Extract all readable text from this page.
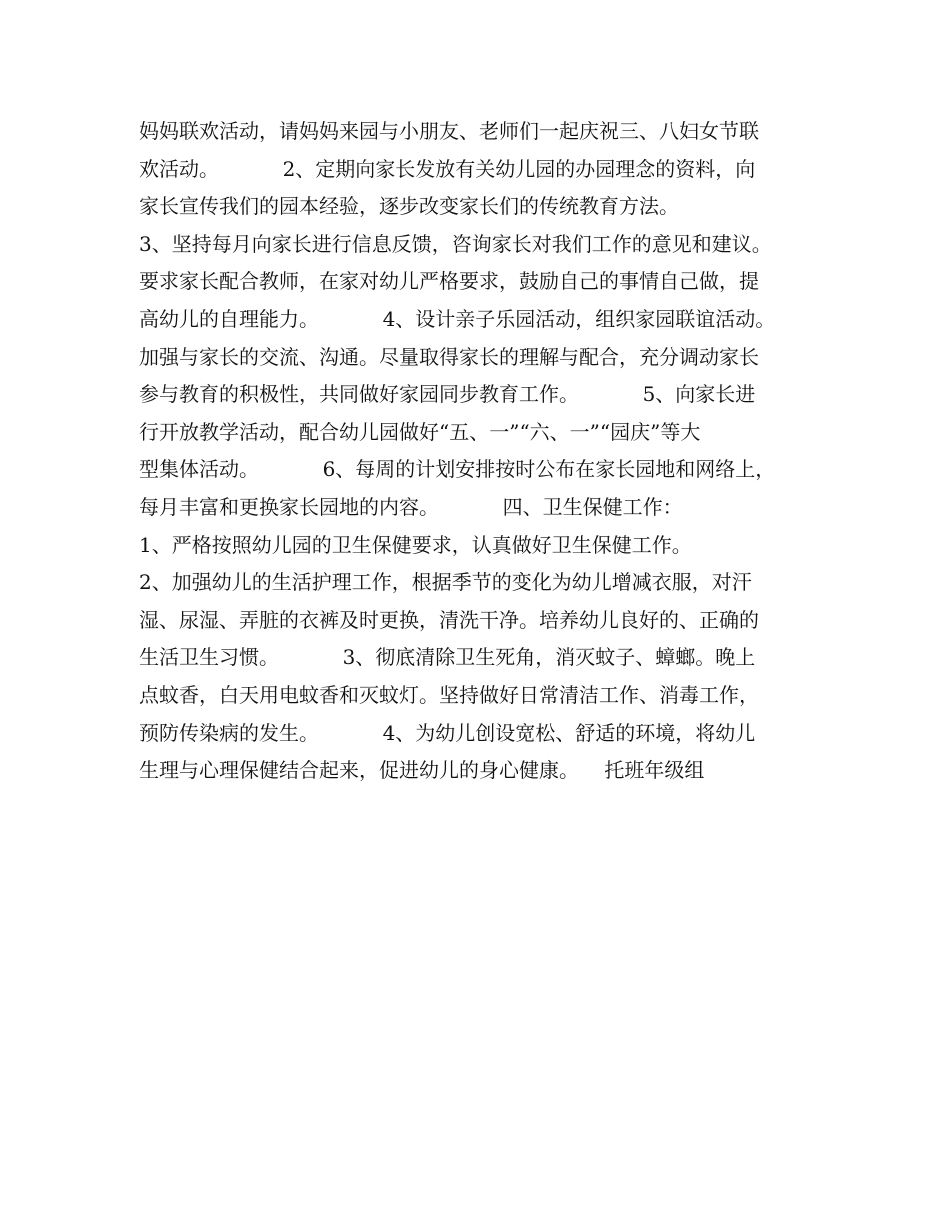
妈妈联欢活动，请妈妈来园与小朋友、老师们一起庆祝三、八妇女节联
欢活动。          2、定期向家长发放有关幼儿园的办园理念的资料，向
家长宣传我们的园本经验，逐步改变家长们的传统教育方法。
3、坚持每月向家长进行信息反馈，咨询家长对我们工作的意见和建议。
要求家长配合教师，在家对幼儿严格要求，鼓励自己的事情自己做，提
高幼儿的自理能力。          4、设计亲子乐园活动，组织家园联谊活动。
加强与家长的交流、沟通。尽量取得家长的理解与配合，充分调动家长
参与教育的积极性，共同做好家园同步教育工作。          5、向家长进
行开放教学活动，配合幼儿园做好“五、一”“六、一”“园庆”等大
型集体活动。          6、每周的计划安排按时公布在家长园地和网络上，
每月丰富和更换家长园地的内容。          四、卫生保健工作：
1、严格按照幼儿园的卫生保健要求，认真做好卫生保健工作。
2、加强幼儿的生活护理工作，根据季节的变化为幼儿增减衣服，对汗
湿、尿湿、弄脏的衣裤及时更换，清洗干净。培养幼儿良好的、正确的
生活卫生习惯。          3、彻底清除卫生死角，消灭蚊子、蟑螂。晚上
点蚊香，白天用电蚊香和灭蚊灯。坚持做好日常清洁工作、消毒工作，
预防传染病的发生。          4、为幼儿创设宽松、舒适的环境，将幼儿
生理与心理保健结合起来，促进幼儿的身心健康。    托班年级组
